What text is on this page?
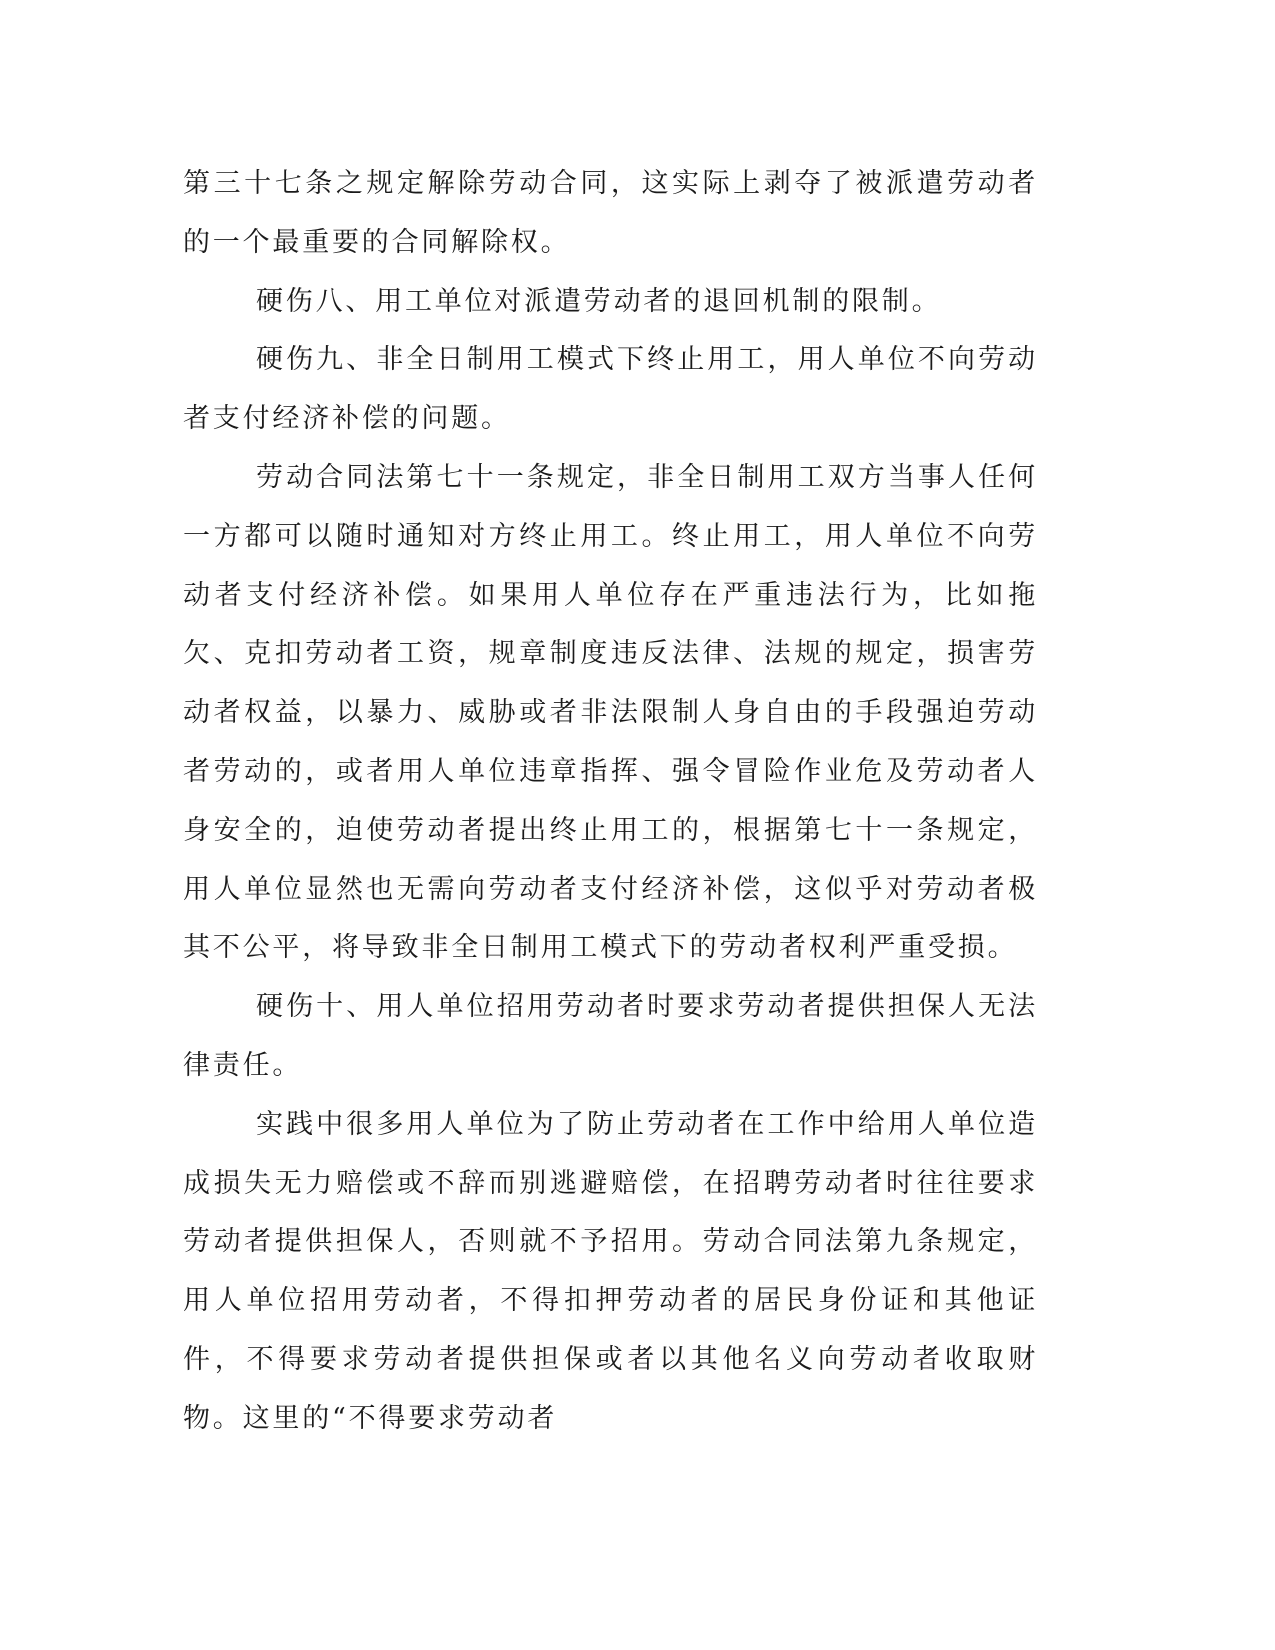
第三十七条之规定解除劳动合同，这实际上剥夺了被派遣劳动者的一个最重要的合同解除权。

硬伤八、用工单位对派遣劳动者的退回机制的限制。

硬伤九、非全日制用工模式下终止用工，用人单位不向劳动者支付经济补偿的问题。

劳动合同法第七十一条规定，非全日制用工双方当事人任何一方都可以随时通知对方终止用工。终止用工，用人单位不向劳动者支付经济补偿。如果用人单位存在严重违法行为，比如拖欠、克扣劳动者工资，规章制度违反法律、法规的规定，损害劳动者权益，以暴力、威胁或者非法限制人身自由的手段强迫劳动者劳动的，或者用人单位违章指挥、强令冒险作业危及劳动者人身安全的，迫使劳动者提出终止用工的，根据第七十一条规定，用人单位显然也无需向劳动者支付经济补偿，这似乎对劳动者极其不公平，将导致非全日制用工模式下的劳动者权利严重受损。

硬伤十、用人单位招用劳动者时要求劳动者提供担保人无法律责任。

实践中很多用人单位为了防止劳动者在工作中给用人单位造成损失无力赔偿或不辞而别逃避赔偿，在招聘劳动者时往往要求劳动者提供担保人，否则就不予招用。劳动合同法第九条规定，用人单位招用劳动者，不得扣押劳动者的居民身份证和其他证件，不得要求劳动者提供担保或者以其他名义向劳动者收取财物。这里的“不得要求劳动者
